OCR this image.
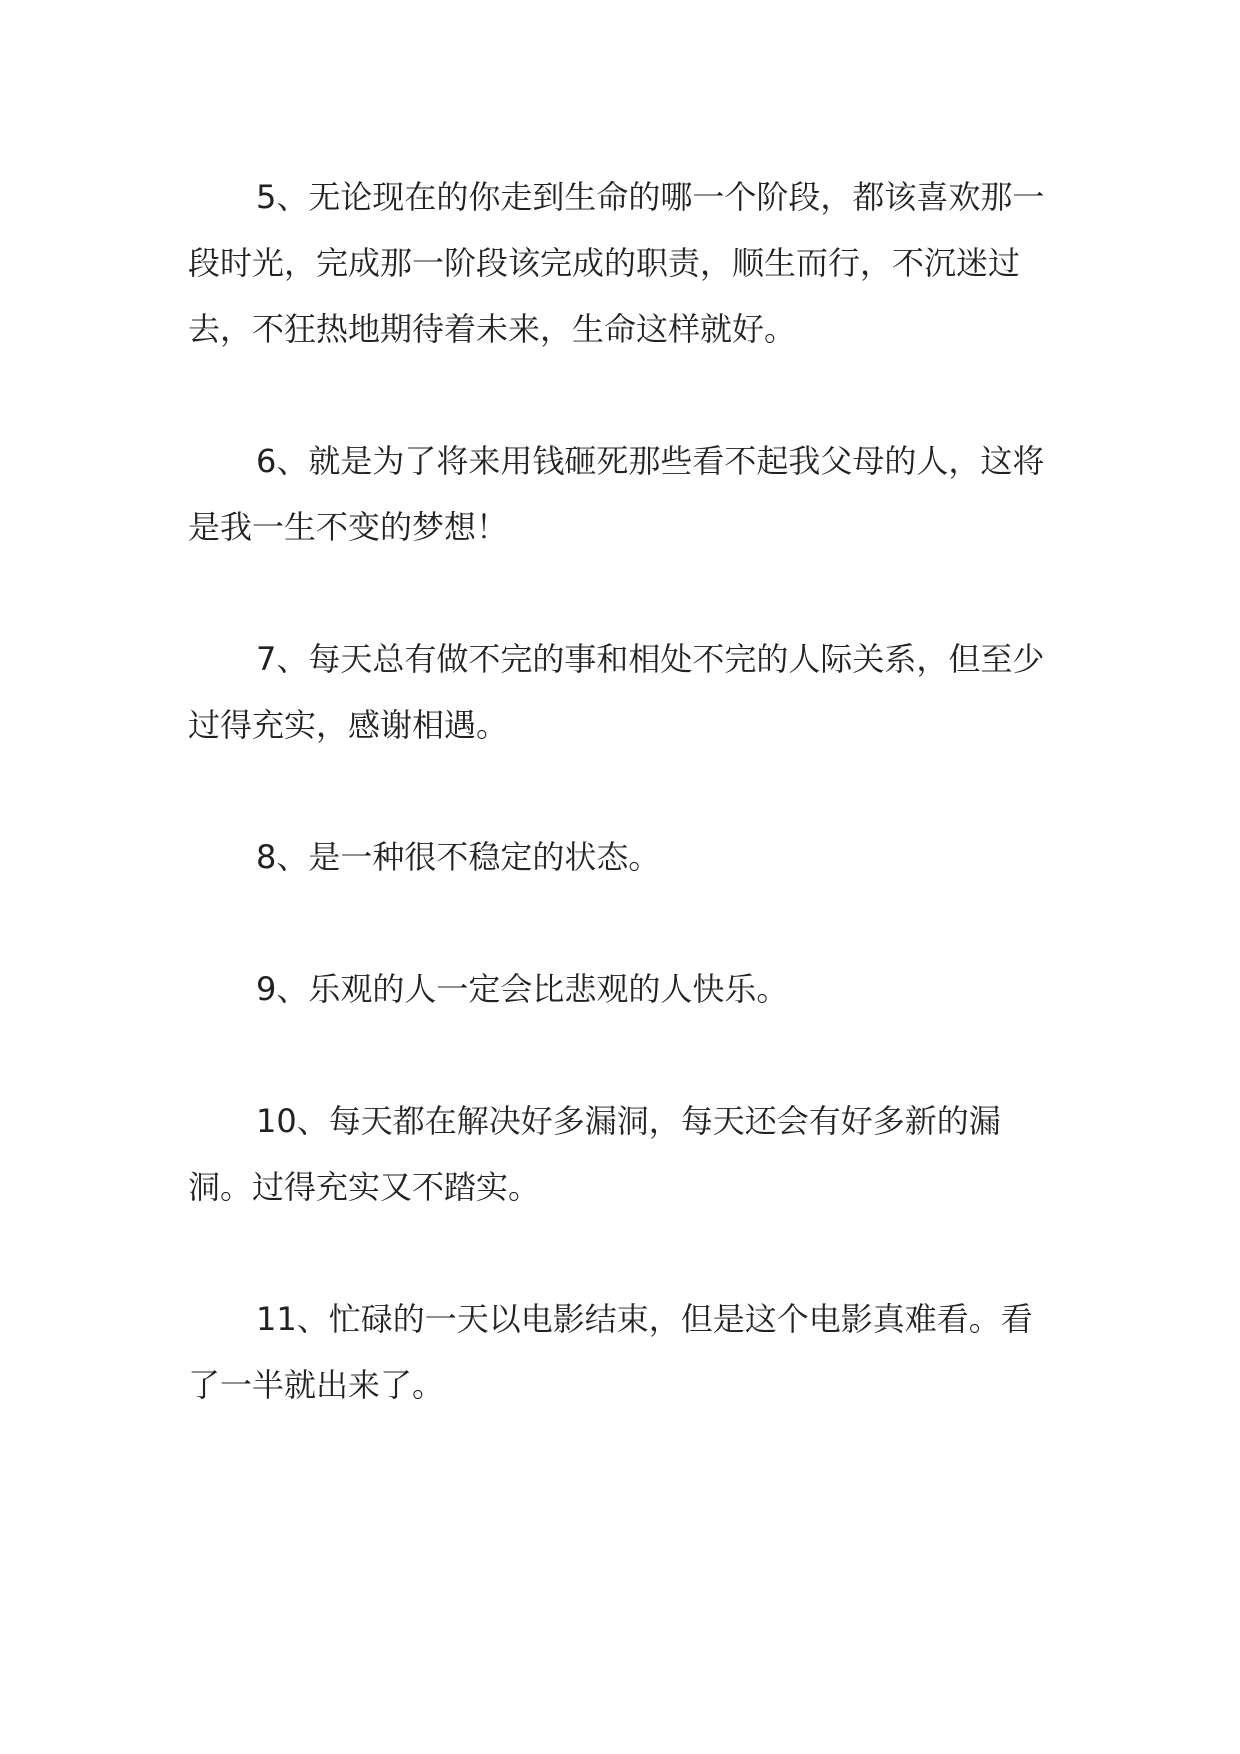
5、无论现在的你走到生命的哪一个阶段，都该喜欢那一段时光，完成那一阶段该完成的职责，顺生而行，不沉迷过去，不狂热地期待着未来，生命这样就好。

6、就是为了将来用钱砸死那些看不起我父母的人，这将是我一生不变的梦想！

7、每天总有做不完的事和相处不完的人际关系，但至少过得充实，感谢相遇。

8、是一种很不稳定的状态。

9、乐观的人一定会比悲观的人快乐。

10、每天都在解决好多漏洞，每天还会有好多新的漏洞。过得充实又不踏实。

11、忙碌的一天以电影结束，但是这个电影真难看。看了一半就出来了。
